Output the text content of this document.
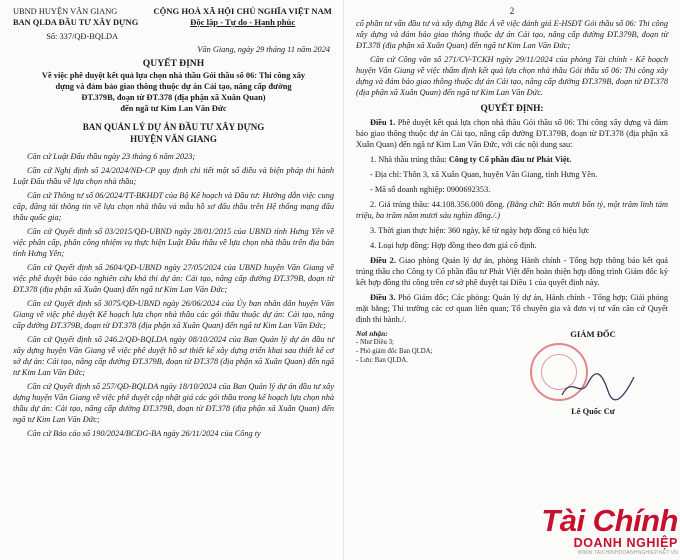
UBND HUYỆN VĂN GIANG
BAN QLDA ĐẦU TƯ XÂY DỰNG
Số: 337/QĐ-BQLDA
CỘNG HOÀ XÃ HỘI CHỦ NGHĨA VIỆT NAM
Độc lập - Tự do - Hạnh phúc
Văn Giang, ngày 29 tháng 11 năm 2024
QUYẾT ĐỊNH
Về việc phê duyệt kết quả lựa chọn nhà thầu Gói thầu số 06: Thi công xây
dựng và đảm bảo giao thông thuộc dự án Cải tạo, nâng cấp đường
ĐT.379B, đoạn từ ĐT.378 (địa phận xã Xuân Quan)
đến ngã tư Kim Lan Văn Đức
BAN QUẢN LÝ DỰ ÁN ĐẦU TƯ XÂY DỰNG
HUYỆN VĂN GIANG

Căn cứ Luật Đấu thầu ngày 23 tháng 6 năm 2023;

Căn cứ Nghị định số 24/2024/NĐ-CP quy định chi tiết một số điều và biện pháp thi hành Luật Đấu thầu về lựa chọn nhà thầu;

Căn cứ Thông tư số 06/2024/TT-BKHĐT của Bộ Kế hoạch và Đầu tư: Hướng dẫn việc cung cấp, đăng tải thông tin về lựa chọn nhà thầu và mẫu hồ sơ đấu thầu trên Hệ thống mạng đấu thầu quốc gia;

Căn cứ Quyết định số 03/2015/QĐ-UBND ngày 28/01/2015 của UBND tỉnh Hưng Yên về việc phân cấp, phân công nhiệm vụ thực hiện Luật Đấu thầu về lựa chọn nhà thầu trên địa bàn tỉnh Hưng Yên;

Căn cứ Quyết định số 2604/QĐ-UBND ngày 27/05/2024 của UBND huyện Văn Giang về việc phê duyệt báo cáo nghiên cứu khả thi dự án: Cải tạo, nâng cấp đường ĐT.379B, đoạn từ ĐT.378 (địa phận xã Xuân Quan) đến ngã tư Kim Lan Văn Đức;

Căn cứ Quyết định số 3075/QĐ-UBND ngày 26/06/2024 của Ủy ban nhân dân huyện Văn Giang về việc phê duyệt Kế hoạch lựa chọn nhà thầu các gói thầu thuộc dự án: Cải tạo, nâng cấp đường ĐT.379B, đoạn từ ĐT.378 (địa phận xã Xuân Quan) đến ngã tư Kim Lan Văn Đức;

Căn cứ Quyết định số 246.2/QĐ-BQLDA ngày 08/10/2024 của Ban Quản lý dự án đầu tư xây dựng huyện Văn Giang về việc phê duyệt hồ sơ thiết kế xây dựng triển khai sau thiết kế cơ sở dự án: Cải tạo, nâng cấp đường ĐT.379B, đoạn từ ĐT.378 (địa phận xã Xuân Quan) đến ngã tư Kim Lan Văn Đức;

Căn cứ Quyết định số 257/QĐ-BQLDA ngày 18/10/2024 của Ban Quản lý dự án đầu tư xây dựng huyện Văn Giang về việc phê duyệt cập nhật giá các gói thầu trong kế hoạch lựa chọn nhà thầu dự án: Cải tạo, nâng cấp đường ĐT.379B, đoạn từ ĐT.378 (địa phận xã Xuân Quan) đến ngã tư Kim Lan Văn Đức;

Căn cứ Báo cáo số 190/2024/BCĐG-BA ngày 26/11/2024 của Công ty

2

cổ phần tư vấn đầu tư và xây dựng Bắc Á về việc đánh giá E-HSĐT Gói thầu số 06: Thi công xây dựng và đảm bảo giao thông thuộc dự án Cải tạo, nâng cấp đường ĐT.379B, đoạn từ ĐT.378 (địa phận xã Xuân Quan) đến ngã tư Kim Lan Văn Đức;

Căn cứ Công văn số 271/CV-TCKH ngày 29/11/2024 của phòng Tài chính - Kế hoạch huyện Văn Giang về việc thẩm định kết quả lựa chọn nhà thầu Gói thầu số 06: Thi công xây dựng và đảm bảo giao thông thuộc dự án Cải tạo, nâng cấp đường ĐT.379B, đoạn từ ĐT.378 (địa phận xã Xuân Quan) đến ngã tư Kim Lan Văn Đức.

QUYẾT ĐỊNH:

Điều 1. Phê duyệt kết quả lựa chọn nhà thầu Gói thầu số 06: Thi công xây dựng và đảm bảo giao thông thuộc dự án Cải tạo, nâng cấp đường ĐT.379B, đoạn từ ĐT.378 (địa phận xã Xuân Quan) đến ngã tư Kim Lan Văn Đức, với các nội dung sau:

1. Nhà thầu trúng thầu: Công ty Cổ phần đầu tư Phát Việt.

- Địa chỉ: Thôn 3, xã Xuân Quan, huyện Văn Giang, tỉnh Hưng Yên.

- Mã số doanh nghiệp: 0900692353.

2. Giá trúng thầu: 44.108.356.000 đồng. (Bằng chữ: Bốn mươi bốn tỷ, một trăm linh tám triệu, ba trăm năm mươi sáu nghìn đồng./.)

3. Thời gian thực hiện: 360 ngày, kể từ ngày hợp đồng có hiệu lực

4. Loại hợp đồng: Hợp đồng theo đơn giá cố định.

Điều 2. Giao phòng Quản lý dự án, phòng Hành chính - Tổng hợp thông báo kết quả trúng thầu cho Công ty Cổ phần đầu tư Phát Việt đến hoàn thiện hợp đồng trình Giám đốc ký kết hợp đồng thi công trên cơ sở phê duyệt tại Điều 1 của quyết định này.

Điều 3. Phó Giám đốc; Các phòng: Quản lý dự án, Hành chính - Tổng hợp; Giải phóng mặt bằng; Thi trường các cơ quan liên quan; Tổ chuyên gia và đơn vị tư vấn căn cứ Quyết định thi hành./.

Nơi nhận:
- Như Điều 3;
- Phó giám đốc Ban QLDA;
- Lưu: Ban QLDA.
GIÁM ĐỐC
Lê Quốc Cư
Tài Chính
DOANH NGHIỆP
WWW.TAICHINHDOANHNGHIEP.NET.VN
